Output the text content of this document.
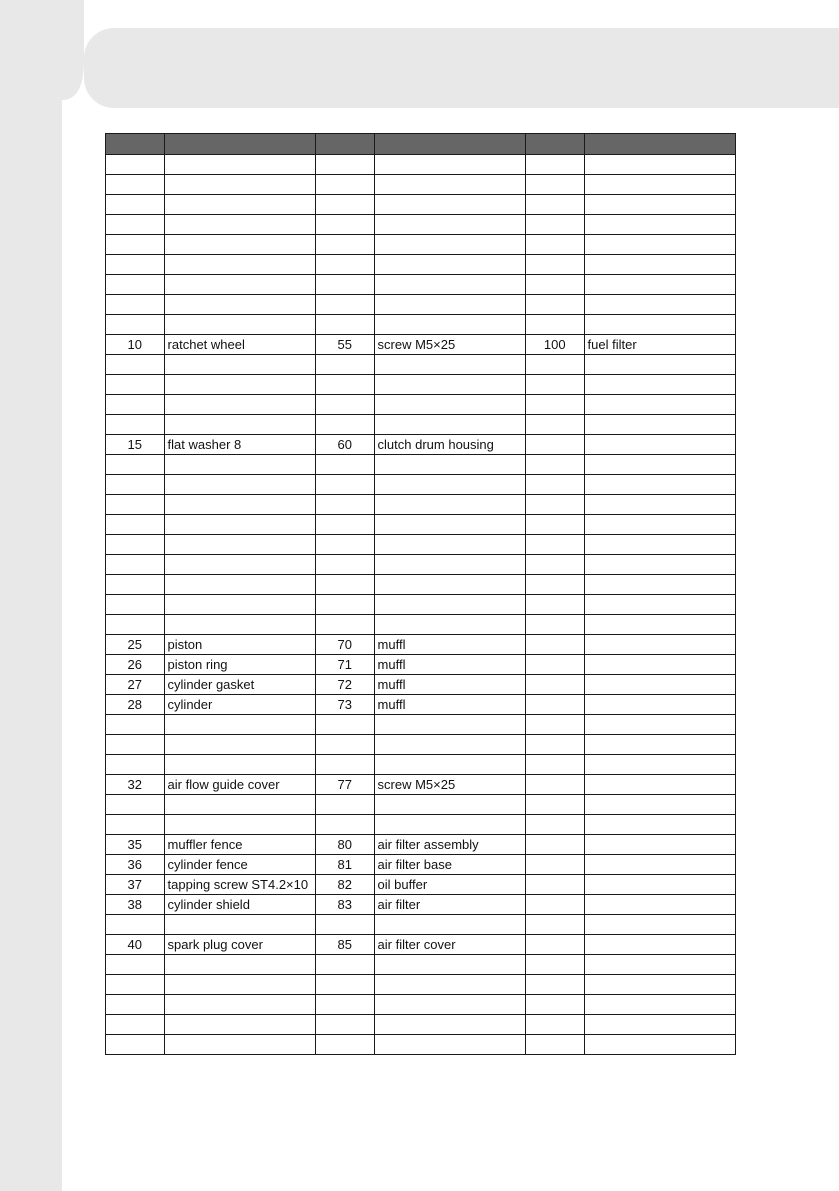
10	ratchet wheel	55	screw M5×25	100	fuel filter

15	flat washer 8	60	clutch drum housing		

25	piston	70	muffl		
26	piston ring	71	muffl		
27	cylinder gasket	72	muffl		
28	cylinder	73	muffl		

32	air flow guide cover	77	screw M5×25		

35	muffler fence	80	air filter assembly		
36	cylinder fence	81	air filter base		
37	tapping screw ST4.2×10	82	oil buffer		
38	cylinder shield	83	air filter		

40	spark plug cover	85	air filter cover		
